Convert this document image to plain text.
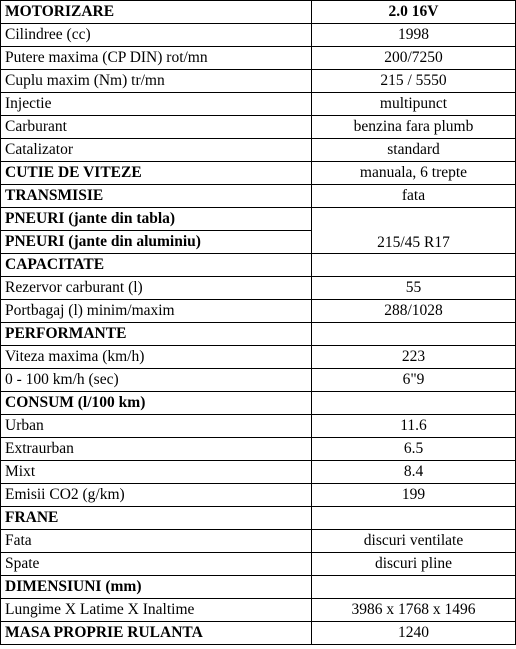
MOTORIZARE	2.0 16V
Cilindree (cc)	1998
Putere maxima (CP DIN) rot/mn	200/7250
Cuplu maxim (Nm) tr/mn	215 / 5550
Injectie	multipunct
Carburant	benzina fara plumb
Catalizator	standard
CUTIE DE VITEZE	manuala, 6 trepte
TRANSMISIE	fata
PNEURI (jante din tabla)	215/45 R17
PNEURI (jante din aluminiu)	
CAPACITATE	
Rezervor carburant (l)	55
Portbagaj (l) minim/maxim	288/1028
PERFORMANTE	
Viteza maxima (km/h)	223
0 - 100 km/h (sec)	6"9
CONSUM (l/100 km)	
Urban	11.6
Extraurban	6.5
Mixt	8.4
Emisii CO2 (g/km)	199
FRANE	
Fata	discuri ventilate
Spate	discuri pline
DIMENSIUNI (mm)	
Lungime X Latime X Inaltime	3986 x 1768 x 1496
MASA PROPRIE RULANTA	1240
